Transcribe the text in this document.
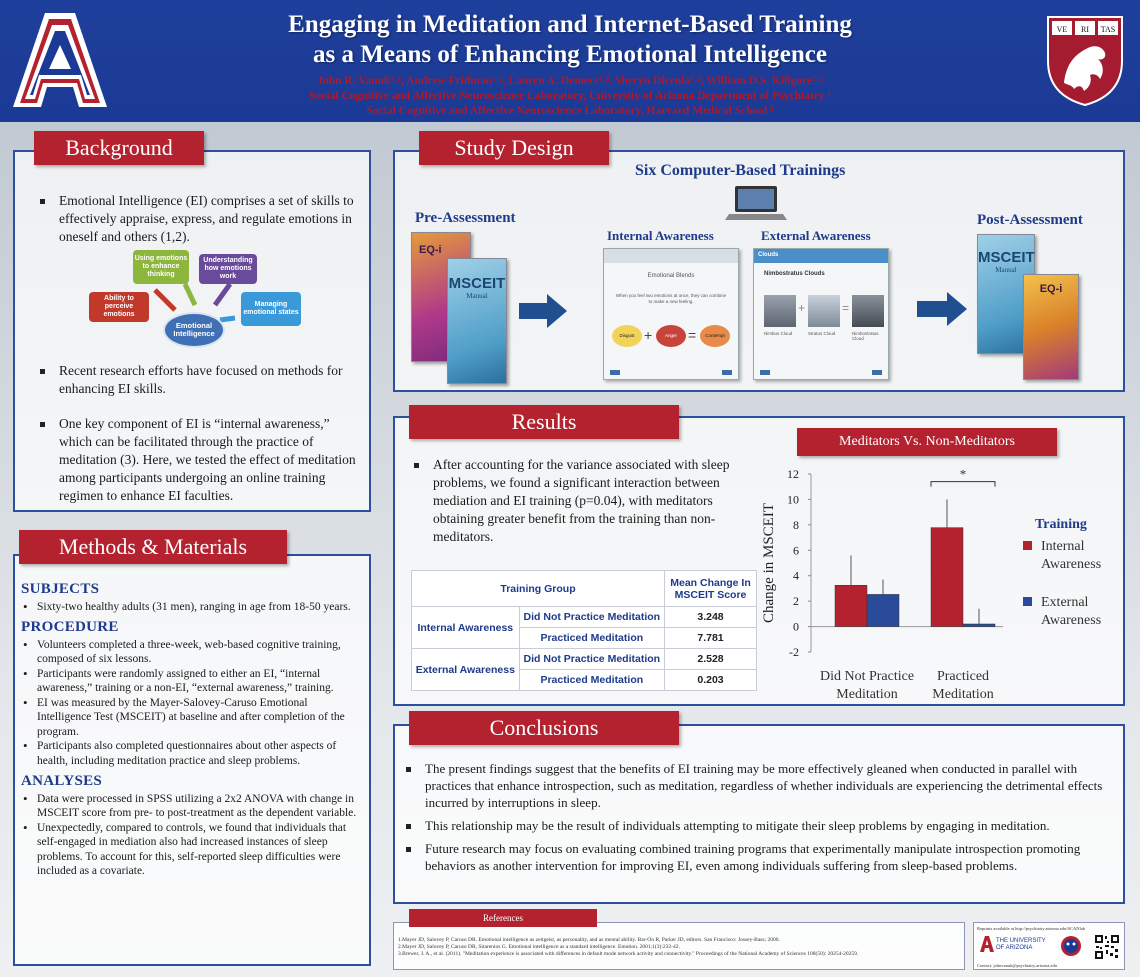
A
Engaging in Meditation and Internet-Based Training
as a Means of Enhancing Emotional Intelligence
John R. Vanuk¹˒², Andrew Fridman¹˒², Lauren A. Demers¹˒², Sheryn Dicenla¹˒², William D.S. Killgore¹˒²
Social Cognitive and Affective Neuroscience Laboratory, University of Arizona Department of Psychiatry ¹
Social Cognitive and Affective Neuroscience Laboratory, Harvard Medical School ²
VE RI TAS
Emotional Intelligence (EI) comprises a set of skills to effectively appraise, express, and regulate emotions in oneself and others (1,2).
Using emotions to enhance thinking
Understanding how emotions work
Ability to perceive emotions
Managing emotional states
Emotional Intelligence
Recent research efforts have focused on methods for enhancing EI skills.
One key component of EI is “internal awareness,” which can be facilitated through the practice of meditation (3). Here, we tested the effect of meditation among participants undergoing an online training regimen to enhance EI faculties.
Background
SUBJECTS
• Sixty-two healthy adults (31 men), ranging in age from 18-50 years.
PROCEDURE
• Volunteers completed a three-week, web-based cognitive training, composed of six lessons.
• Participants were randomly assigned to either an EI, “internal awareness,” training or a non-EI, “external awareness,” training.
• EI was measured by the Mayer-Salovey-Caruso Emotional Intelligence Test (MSCEIT) at baseline and after completion of the program.
• Participants also completed questionnaires about other aspects of health, including meditation practice and sleep problems.
ANALYSES
• Data were processed in SPSS utilizing a 2x2 ANOVA with change in MSCEIT score from pre- to post-treatment as the dependent variable.
• Unexpectedly, compared to controls, we found that individuals that self-engaged in mediation also had increased instances of sleep problems. To account for this, self-reported sleep difficulties were included as a covariate.
Methods & Materials
Six Computer-Based Trainings
Pre-Assessment
Internal Awareness	External Awareness
Post-Assessment
EQ-i
MSCEIT
Manual
Emotional Blends
When you feel two emotions at once, they can combine to make a new feeling.
Disgust +	Anger =	Contempt
Clouds
Nimbostratus Clouds
+	=
Nimbus Cloud	Stratus Cloud	Nimbostratus Cloud
MSCEIT
Manual
EQ-i
Study Design
After accounting for the variance associated with sleep problems, we found a significant interaction between mediation and EI training (p=0.04), with meditators obtaining greater benefit from the training than non-meditators.
Training Group		Mean Change In MSCEIT Score
Internal Awareness	Did Not Practice Meditation	3.248
	Practiced Meditation	7.781
External Awareness	Did Not Practice Meditation	2.528
	Practiced Meditation	0.203
-2
0
2
4
6
8
10
12
Change in MSCEIT
Did Not Practice
Meditation
Practiced
Meditation
*
Training
Internal
Awareness
External
Awareness
Results
Meditators Vs. Non-Meditators
The present findings suggest that the benefits of EI training may be more effectively gleaned when conducted in parallel with practices that enhance introspection, such as meditation, regardless of whether individuals are experiencing the detrimental effects incurred by interruptions in sleep.
This relationship may be the result of individuals attempting to mitigate their sleep problems by engaging in meditation.
Future research may focus on evaluating combined training programs that experimentally manipulate introspection promoting behaviors as another intervention for improving EI, even among individuals suffering from sleep-based problems.
Conclusions
1.Mayer JD, Salovey P, Caruso DR. Emotional intelligence as zeitgeist, as personality, and as mental ability. Bar-On R, Parker JD, editors. San Francisco: Jossey-Bass; 2000.
2.Mayer JD, Salovey P, Caruso DR, Sitarenios G. Emotional intelligence as a standard intelligence. Emotion. 2001;1(3):232-42.
3.Brewer, J. A., et al. (2011). "Meditation experience is associated with differences in default mode network activity and connectivity." Proceedings of the National Academy of Sciences 108(50): 20254-20259.
References
Reprints available at http://psychiatry.arizona.edu/SCANlab
THE UNIVERSITY
OF ARIZONA
Contact: johnvanuk@psychiatry.arizona.edu
